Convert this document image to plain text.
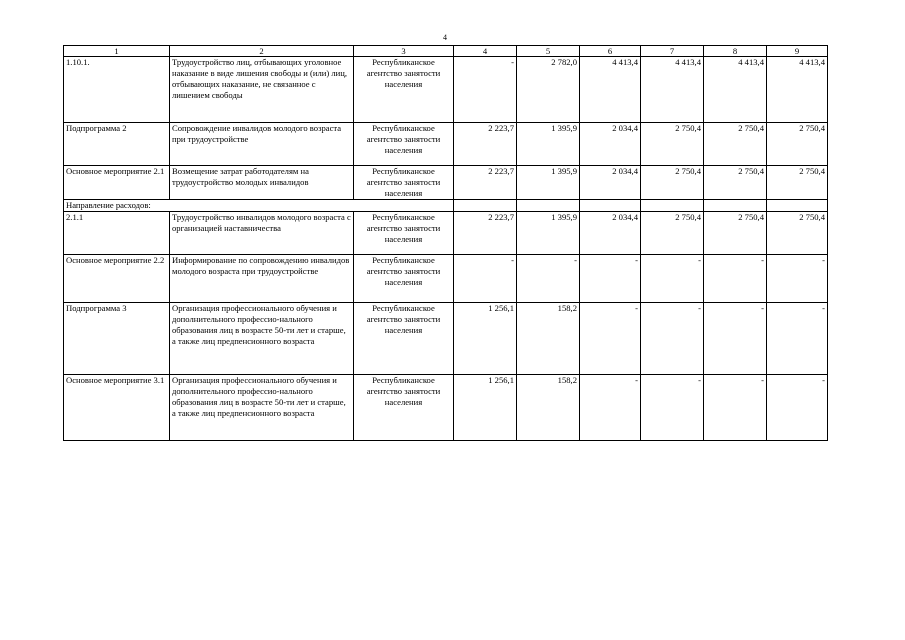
4
1	2	3	4	5	6	7	8	9
1.10.1.	Трудоустройство лиц, отбывающих уголовное наказание в виде лишения свободы и (или) лиц, отбывающих наказание, не связанное с лишением свободы	Республиканское агентство занятости населения	-	2 782,0	4 413,4	4 413,4	4 413,4	4 413,4
Подпрограмма 2	Сопровождение инвалидов молодого возраста при трудоустройстве	Республиканское агентство занятости населения	2 223,7	1 395,9	2 034,4	2 750,4	2 750,4	2 750,4
Основное мероприятие 2.1	Возмещение затрат работодателям на трудоустройство молодых инвалидов	Республиканское агентство занятости населения	2 223,7	1 395,9	2 034,4	2 750,4	2 750,4	2 750,4
Направление расходов:								
2.1.1	Трудоустройство инвалидов молодого возраста с организацией наставничества	Республиканское агентство занятости населения	2 223,7	1 395,9	2 034,4	2 750,4	2 750,4	2 750,4
Основное мероприятие 2.2	Информирование по сопровождению инвалидов молодого возраста при трудоустройстве	Республиканское агентство занятости населения	-	-	-	-	-	-
Подпрограмма 3	Организация профессионального обучения и дополнительного профессио-нального образования лиц в возрасте 50-ти лет и старше, а также лиц предпенсионного возраста	Республиканское агентство занятости населения	1 256,1	158,2	-	-	-	-
Основное мероприятие 3.1	Организация профессионального обучения и дополнительного профессио-нального образования лиц в возрасте 50-ти лет и старше, а также лиц предпенсионного возраста	Республиканское агентство занятости населения	1 256,1	158,2	-	-	-	-
